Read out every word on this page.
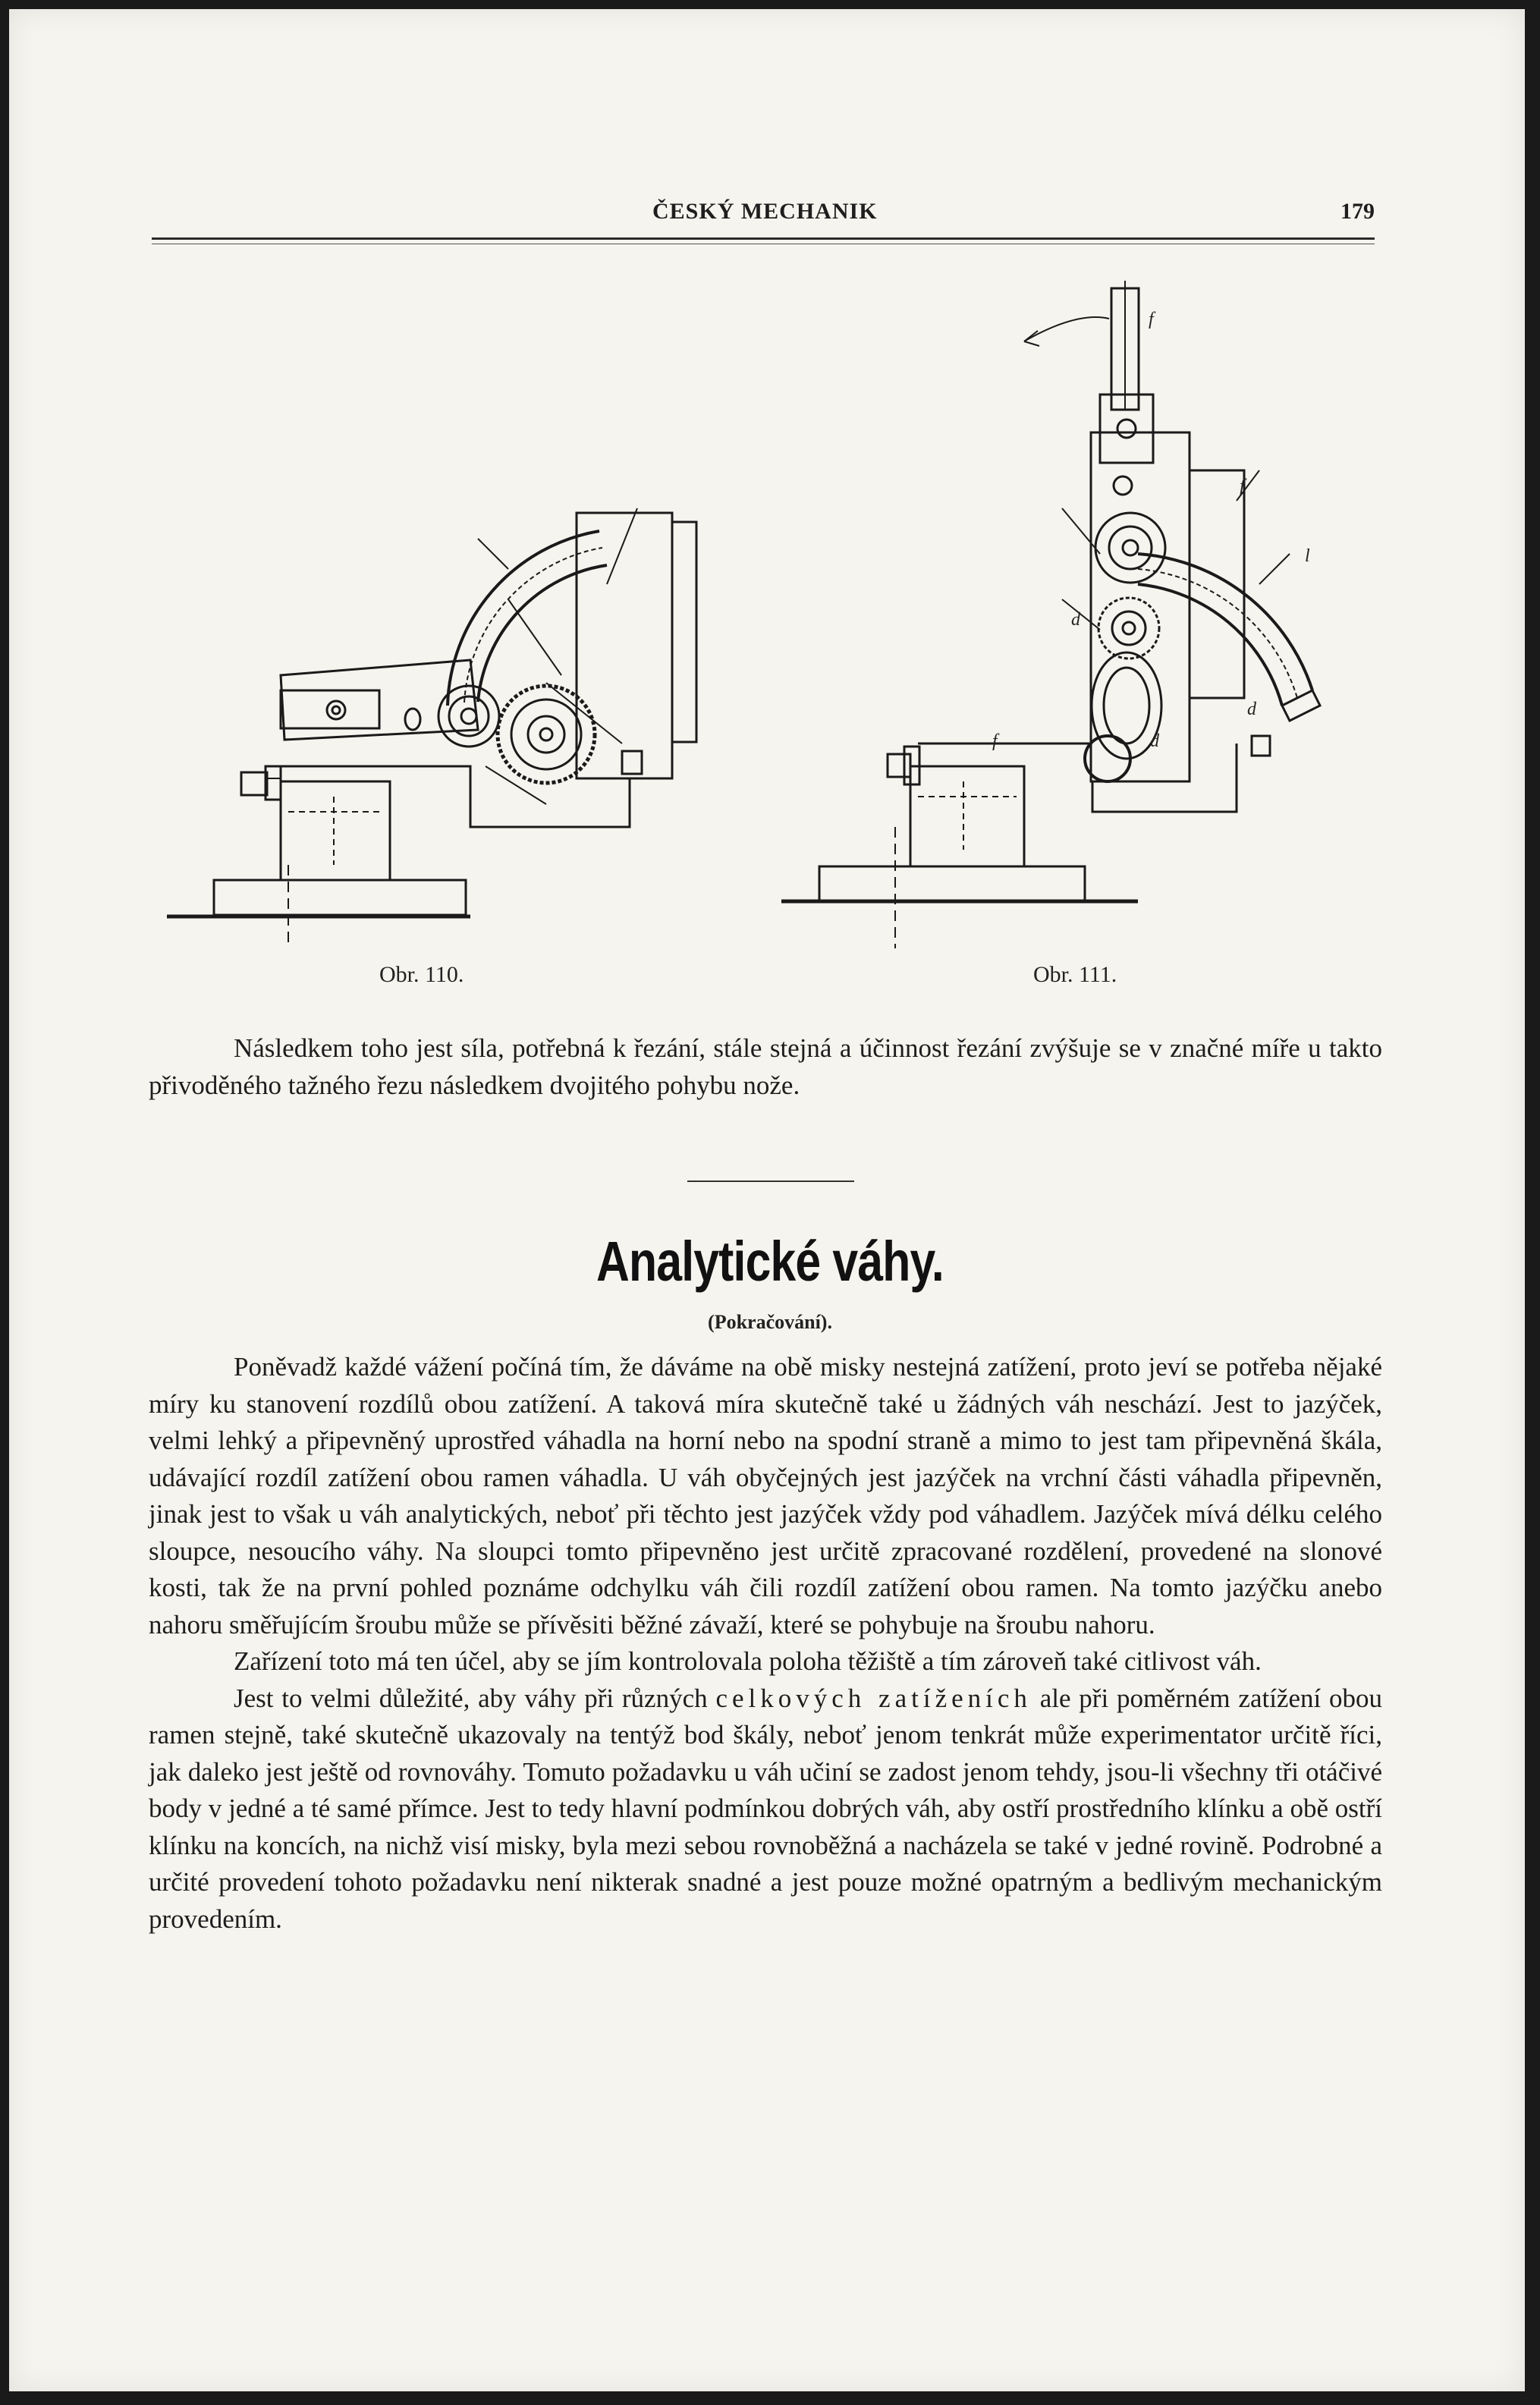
ČESKÝ MECHANIK	179
f
f
d
d
d
f
l
Obr. 110.	Obr. 111.

Následkem toho jest síla, potřebná k řezání, stále stejná a účinnost řezání zvýšuje se v značné míře u takto přivoděného tažného řezu následkem dvojitého pohybu nože.

Analytické váhy.
(Pokračování).

Poněvadž každé vážení počíná tím, že dáváme na obě misky nestejná zatížení, proto jeví se potřeba nějaké míry ku stanovení rozdílů obou zatížení. A taková míra skutečně také u žádných váh neschází. Jest to jazýček, velmi lehký a připevněný uprostřed váhadla na horní nebo na spodní straně a mimo to jest tam připevněná škála, udávající rozdíl zatížení obou ramen váhadla. U váh obyčejných jest jazýček na vrchní části váhadla připevněn, jinak jest to však u váh analytických, neboť při těchto jest jazýček vždy pod váhadlem. Jazýček mívá délku celého sloupce, nesoucího váhy. Na sloupci tomto připevněno jest určitě zpracované rozdělení, provedené na slonové kosti, tak že na první pohled poznáme odchylku váh čili rozdíl zatížení obou ramen. Na tomto jazýčku anebo nahoru směřujícím šroubu může se přívěsiti běžné závaží, které se pohybuje na šroubu nahoru.

Zařízení toto má ten účel, aby se jím kontrolovala poloha těžiště a tím zároveň také citlivost váh.

Jest to velmi důležité, aby váhy při různých celkových zatíženích ale při poměrném zatížení obou ramen stejně, také skutečně ukazovaly na tentýž bod škály, neboť jenom tenkrát může experimentator určitě říci, jak daleko jest ještě od rovnováhy. Tomuto požadavku u váh učiní se zadost jenom tehdy, jsou-li všechny tři otáčivé body v jedné a té samé přímce. Jest to tedy hlavní podmínkou dobrých váh, aby ostří prostředního klínku a obě ostří klínku na koncích, na nichž visí misky, byla mezi sebou rovnoběžná a nacházela se také v jedné rovině. Podrobné a určité provedení tohoto požadavku není nikterak snadné a jest pouze možné opatrným a bedlivým mechanickým provedením.
